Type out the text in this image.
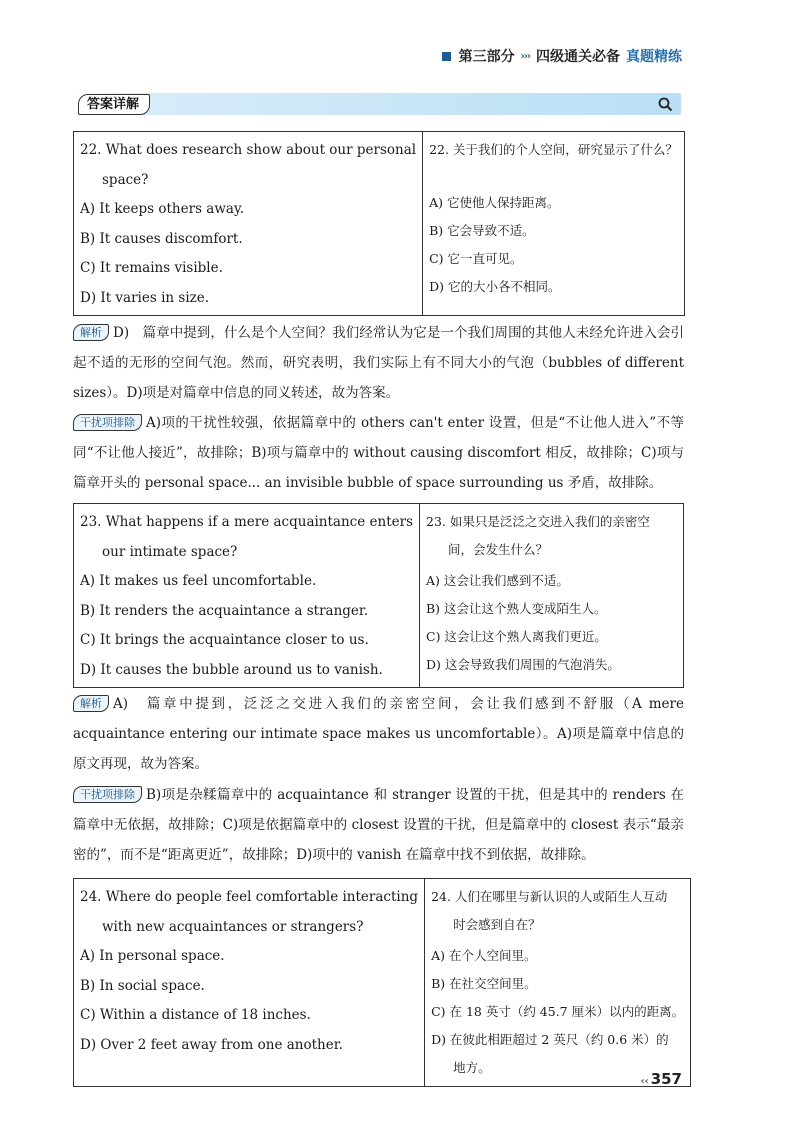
第三部分 ››› 四级通关必备 真题精练
答案详解
22. What does research show about our personal
space?
A) It keeps others away.
B) It causes discomfort.
C) It remains visible.
D) It varies in size.

22. 关于我们的个人空间，研究显示了什么？
A) 它使他人保持距离。
B) 它会导致不适。
C) 它一直可见。
D) 它的大小各不相同。
解析 D)　篇章中提到，什么是个人空间？我们经常认为它是一个我们周围的其他人未经允许进入会引起不适的无形的空间气泡。然而，研究表明，我们实际上有不同大小的气泡（bubbles of different sizes）。D)项是对篇章中信息的同义转述，故为答案。
干扰项排除 A)项的干扰性较强，依据篇章中的 others can't enter 设置，但是“不让他人进入”不等同“不让他人接近”，故排除；B)项与篇章中的 without causing discomfort 相反，故排除；C)项与篇章开头的 personal space... an invisible bubble of space surrounding us 矛盾，故排除。
23. What happens if a mere acquaintance enters
our intimate space?
A) It makes us feel uncomfortable.
B) It renders the acquaintance a stranger.
C) It brings the acquaintance closer to us.
D) It causes the bubble around us to vanish.

23. 如果只是泛泛之交进入我们的亲密空
间，会发生什么？
A) 这会让我们感到不适。
B) 这会让这个熟人变成陌生人。
C) 这会让这个熟人离我们更近。
D) 这会导致我们周围的气泡消失。
解析 A)　篇章中提到，泛泛之交进入我们的亲密空间，会让我们感到不舒服（A mere acquaintance entering our intimate space makes us uncomfortable）。A)项是篇章中信息的原文再现，故为答案。
干扰项排除 B)项是杂糅篇章中的 acquaintance 和 stranger 设置的干扰，但是其中的 renders 在篇章中无依据，故排除；C)项是依据篇章中的 closest 设置的干扰，但是篇章中的 closest 表示“最亲密的”，而不是“距离更近”，故排除；D)项中的 vanish 在篇章中找不到依据，故排除。
24. Where do people feel comfortable interacting
with new acquaintances or strangers?
A) In personal space.
B) In social space.
C) Within a distance of 18 inches.
D) Over 2 feet away from one another.

24. 人们在哪里与新认识的人或陌生人互动
时会感到自在？
A) 在个人空间里。
B) 在社交空间里。
C) 在 18 英寸（约 45.7 厘米）以内的距离。
D) 在彼此相距超过 2 英尺（约 0.6 米）的
地方。
‹‹ 357
